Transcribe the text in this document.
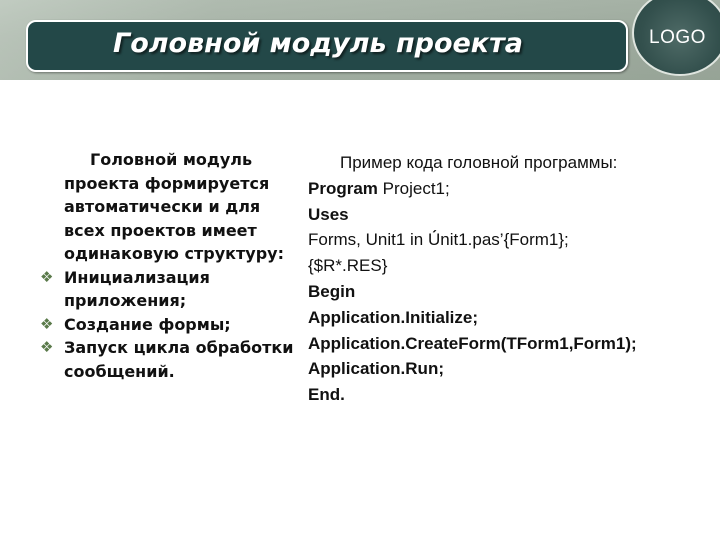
Головной модуль проекта	LOGO
Головной модуль проекта формируется автоматически и для всех проектов имеет одинаковую структуру:
❖ Инициализация приложения;
❖ Создание формы;
❖ Запуск цикла обработки сообщений.
Пример кода головной программы:
Program Project1;
Uses
Forms, Unit1 in Ú́nit1.pas’{Form1};
{$R*.RES}
Begin
Application.Initialize;
Application.CreateForm(TForm1,Form1);
Application.Run;
End.
